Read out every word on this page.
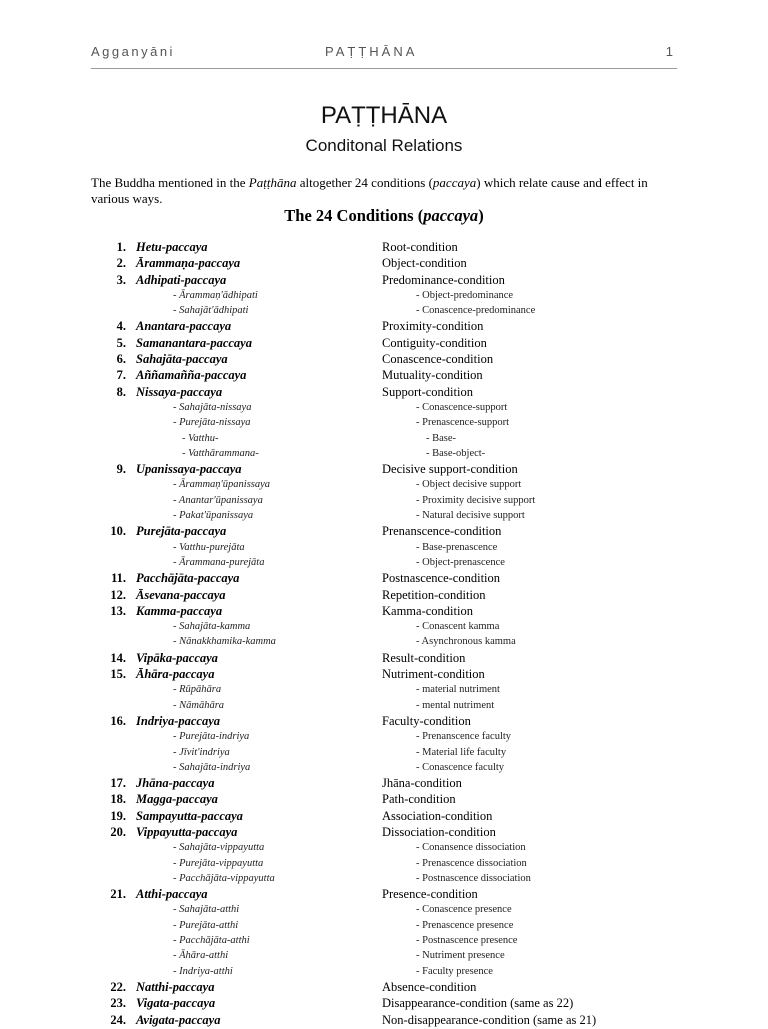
Agganyāni	PAṬṬHĀNA	1
PAṬṬHĀNA
Conditonal Relations

The Buddha mentioned in the Paṭṭhāna altogether 24 conditions (paccaya) which relate cause and effect in various ways.

The 24 Conditions (paccaya)
1. Hetu-paccaya	Root-condition
2. Ārammaṇa-paccaya	Object-condition
3. Adhipati-paccaya	Predominance-condition
- Ārammaṇ'ādhipati	- Object-predominance
- Sahajāt'ādhipati	- Conascence-predominance
4. Anantara-paccaya	Proximity-condition
5. Samanantara-paccaya	Contiguity-condition
6. Sahajāta-paccaya	Conascence-condition
7. Aññamañña-paccaya	Mutuality-condition
8. Nissaya-paccaya	Support-condition
- Sahajāta-nissaya	- Conascence-support
- Purejāta-nissaya	- Prenascence-support
- Vatthu-	- Base-
- Vatthārammana-	- Base-object-
9. Upanissaya-paccaya	Decisive support-condition
- Ārammaṇ'ūpanissaya	- Object decisive support
- Anantar'ūpanissaya	- Proximity decisive support
- Pakat'ūpanissaya	- Natural decisive support
10. Purejāta-paccaya	Prenanscence-condition
- Vatthu-purejāta	- Base-prenascence
- Ārammana-purejāta	- Object-prenascence
11. Pacchājāta-paccaya	Postnascence-condition
12. Āsevana-paccaya	Repetition-condition
13. Kamma-paccaya	Kamma-condition
- Sahajāta-kamma	- Conascent kamma
- Nānakkhamika-kamma	- Asynchronous kamma
14. Vipāka-paccaya	Result-condition
15. Āhāra-paccaya	Nutriment-condition
- Rūpāhāra	- material nutriment
- Nāmāhāra	- mental nutriment
16. Indriya-paccaya	Faculty-condition
- Purejāta-indriya	- Prenanscence faculty
- Jīvit'indriya	- Material life faculty
- Sahajāta-indriya	- Conascence faculty
17. Jhāna-paccaya	Jhāna-condition
18. Magga-paccaya	Path-condition
19. Sampayutta-paccaya	Association-condition
20. Vippayutta-paccaya	Dissociation-condition
- Sahajāta-vippayutta	- Conansence dissociation
- Purejāta-vippayutta	- Prenascence dissociation
- Pacchājāta-vippayutta	- Postnascence dissociation
21. Atthi-paccaya	Presence-condition
- Sahajāta-atthi	- Conascence presence
- Purejāta-atthi	- Prenascence presence
- Pacchājāta-atthi	- Postnascence presence
- Āhāra-atthi	- Nutriment presence
- Indriya-atthi	- Faculty presence
22. Natthi-paccaya	Absence-condition
23. Vigata-paccaya	Disappearance-condition (same as 22)
24. Avigata-paccaya	Non-disappearance-condition (same as 21)
